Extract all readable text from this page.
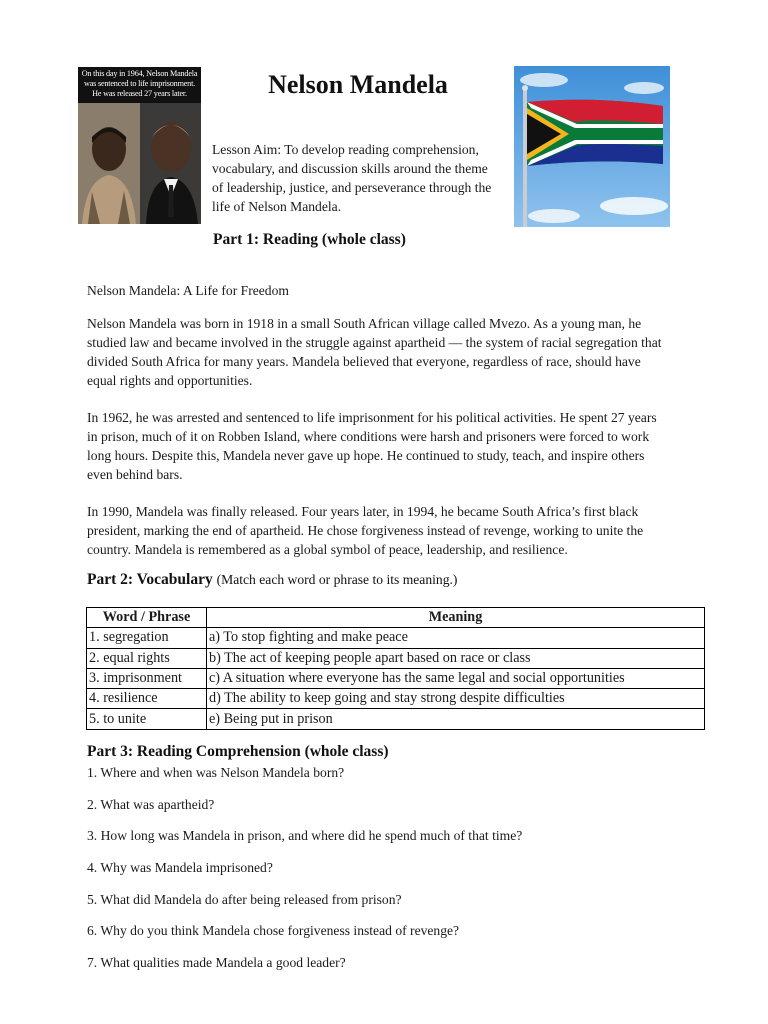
On this day in 1964, Nelson Mandela
was sentenced to life imprisonment.
He was released 27 years later.	Nelson Mandela
Lesson Aim: To develop reading comprehension,
vocabulary, and discussion skills around the theme
of leadership, justice, and perseverance through the
life of Nelson Mandela.
Part 1: Reading (whole class)
Nelson Mandela: A Life for Freedom
Nelson Mandela was born in 1918 in a small South African village called Mvezo. As a young man, he
studied law and became involved in the struggle against apartheid — the system of racial segregation that
divided South Africa for many years. Mandela believed that everyone, regardless of race, should have
equal rights and opportunities.
In 1962, he was arrested and sentenced to life imprisonment for his political activities. He spent 27 years
in prison, much of it on Robben Island, where conditions were harsh and prisoners were forced to work
long hours. Despite this, Mandela never gave up hope. He continued to study, teach, and inspire others
even behind bars.
In 1990, Mandela was finally released. Four years later, in 1994, he became South Africa’s first black
president, marking the end of apartheid. He chose forgiveness instead of revenge, working to unite the
country. Mandela is remembered as a global symbol of peace, leadership, and resilience.
Part 2: Vocabulary (Match each word or phrase to its meaning.)
Word / Phrase	Meaning
1. segregation	a) To stop fighting and make peace
2. equal rights	b) The act of keeping people apart based on race or class
3. imprisonment	c) A situation where everyone has the same legal and social opportunities
4. resilience	d) The ability to keep going and stay strong despite difficulties
5. to unite	e) Being put in prison
Part 3: Reading Comprehension (whole class)
1. Where and when was Nelson Mandela born?
2. What was apartheid?
3. How long was Mandela in prison, and where did he spend much of that time?
4. Why was Mandela imprisoned?
5. What did Mandela do after being released from prison?
6. Why do you think Mandela chose forgiveness instead of revenge?
7. What qualities made Mandela a good leader?
